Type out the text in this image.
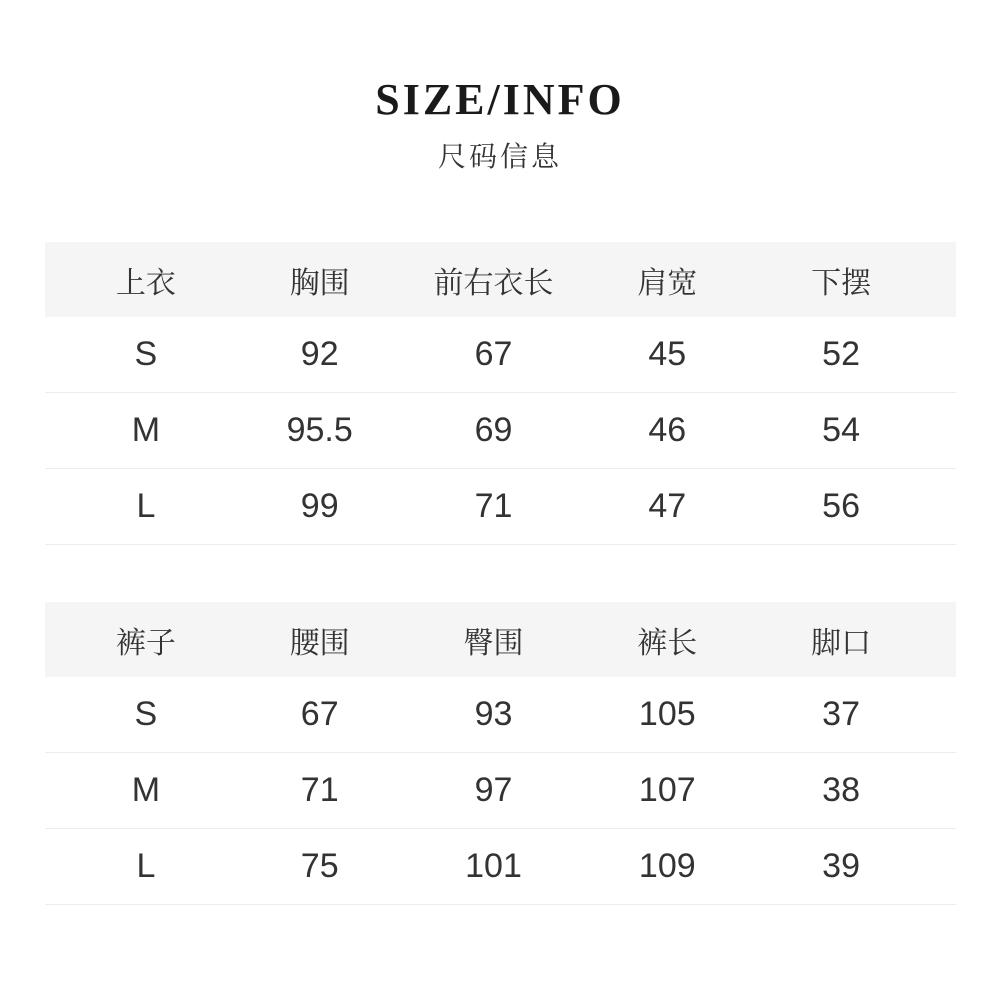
SIZE/INFO
尺码信息
上衣	胸围	前右衣长	肩宽	下摆
S	92	67	45	52
M	95.5	69	46	54
L	99	71	47	56
裤子	腰围	臀围	裤长	脚口
S	67	93	105	37
M	71	97	107	38
L	75	101	109	39
